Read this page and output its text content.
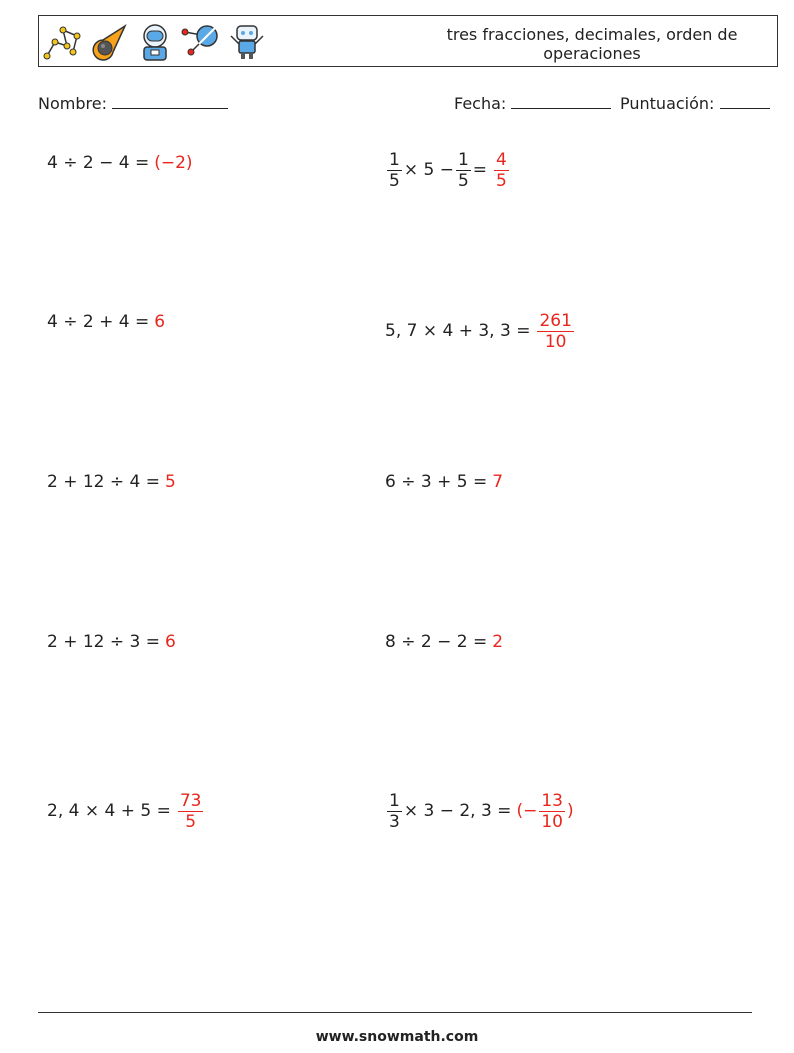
tres fracciones, decimales, orden de operaciones
Nombre:	Fecha:	Puntuación:
4 ÷ 2 − 4 = (−2)	$\frac{1}{5} \times 5 - \frac{1}{5} = \frac{4}{5}$
4 ÷ 2 + 4 = 6	5, 7 × 4 + 3, $3 = \frac{261}{10}$
2 + 12 ÷ 4 = 5	6 ÷ 3 + 5 = 7
2 + 12 ÷ 3 = 6	8 ÷ 2 − 2 = 2
2, $4 \times 4 + 5 = \frac{73}{5}$	$\frac{1}{3} \times 3 - 2$, 3 = (− $\frac{13}{10}$ )
www.snowmath.com
